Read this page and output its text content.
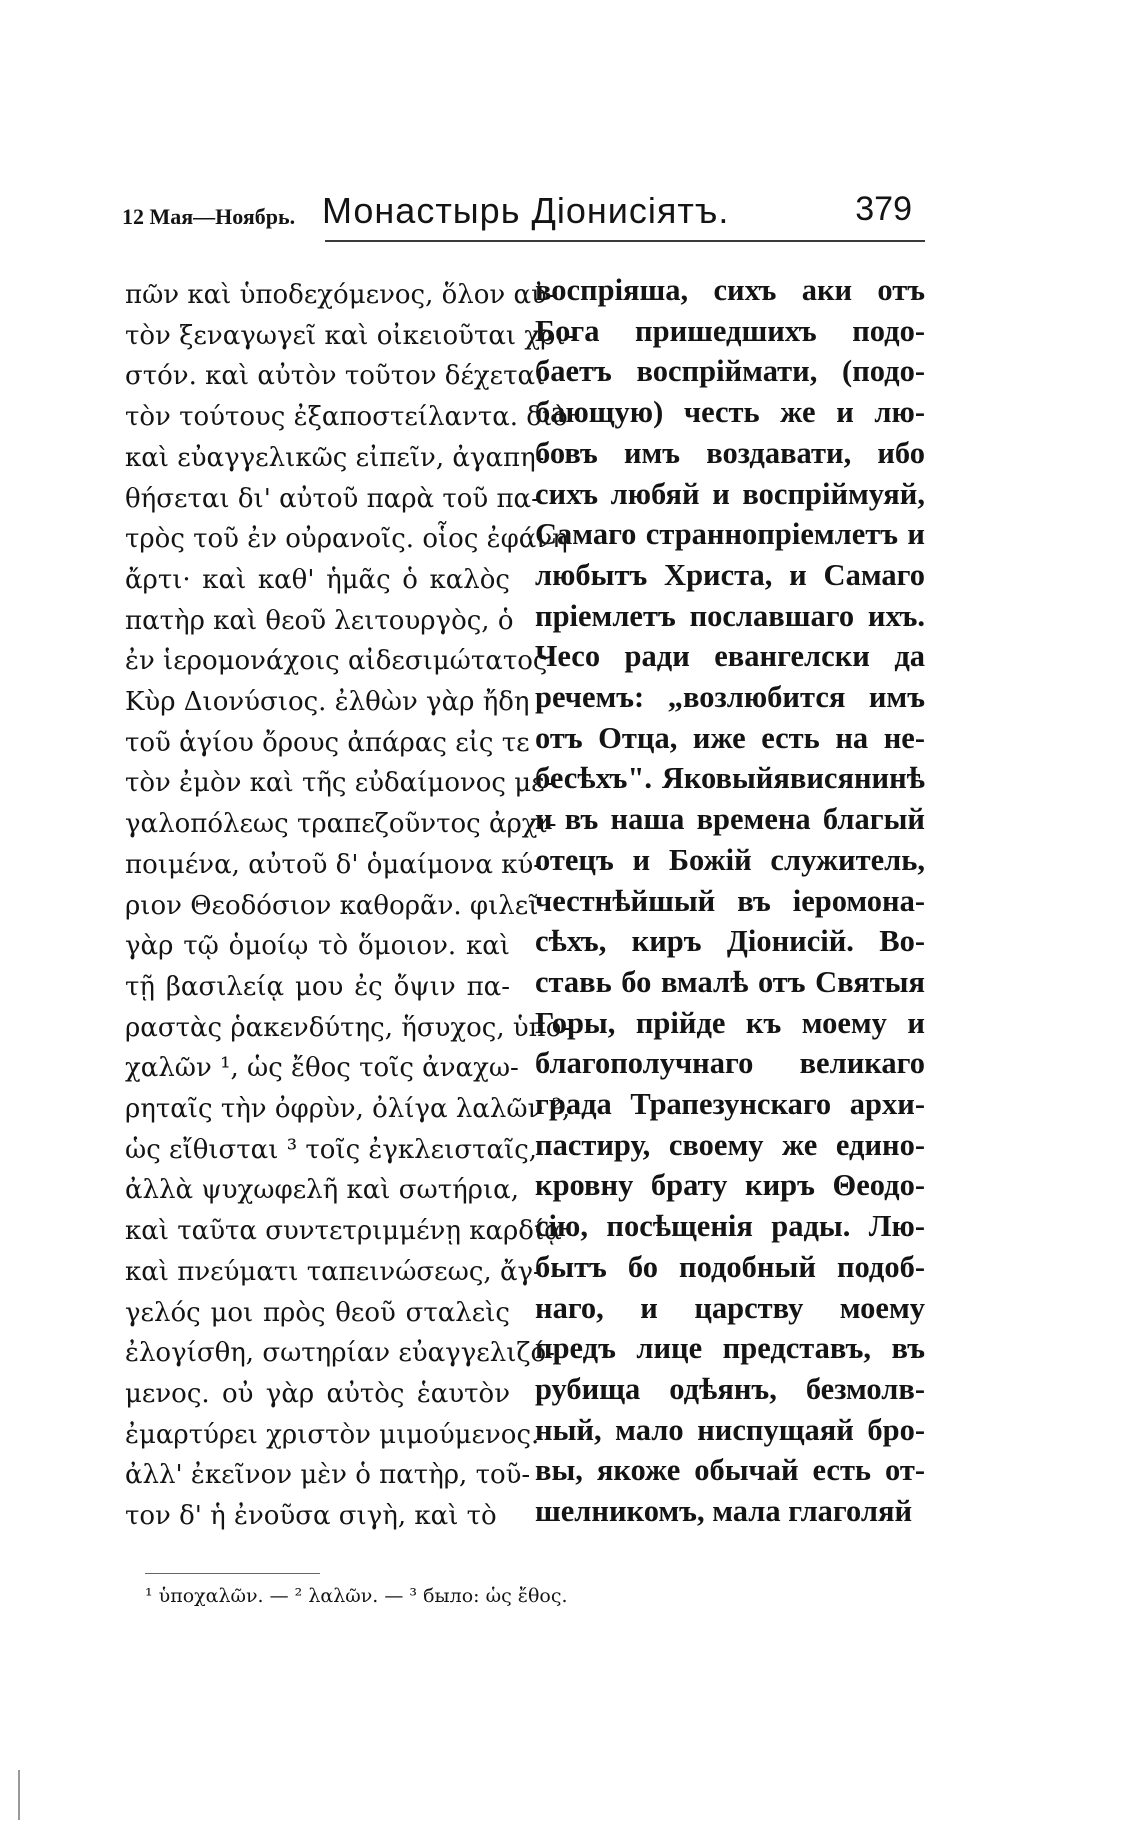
12 Мая—Ноябрь. Монастырь Діонисіятъ.	379
πῶν καὶ ὑποδεχόμενος, ὅλον αὐ-
τὸν ξεναγωγεῖ καὶ οἰκειοῦται χρι-
στόν. καὶ αὐτὸν τοῦτον δέχεται
τὸν τούτους ἐξαποστείλαντα. διὸ
καὶ εὐαγγελικῶς εἰπεῖν, ἀγαπη-
θήσεται δι' αὐτοῦ παρὰ τοῦ πα-
τρὸς τοῦ ἐν οὐρανοῖς. οἷος ἐφάνη
ἄρτι· καὶ καθ' ἡμᾶς ὁ καλὸς
πατὴρ καὶ θεοῦ λειτουργὸς, ὁ
ἐν ἱερομονάχοις αἰδεσιμώτατος
Κὺρ Διονύσιος. ἐλθὼν γὰρ ἤδη
τοῦ ἁγίου ὄρους ἀπάρας εἰς τε
τὸν ἐμὸν καὶ τῆς εὐδαίμονος με-
γαλοπόλεως τραπεζοῦντος ἀρχι-
ποιμένα, αὐτοῦ δ' ὁμαίμονα κύ-
ριον Θεοδόσιον καθορᾶν. φιλεῖ
γὰρ τῷ ὁμοίῳ τὸ ὅμοιον. καὶ
τῇ βασιλείᾳ μου ἐς ὄψιν πα-
ραστὰς ῥακενδύτης, ἥσυχος, ὑπο-
χαλῶν ¹, ὡς ἔθος τοῖς ἀναχω-
ρηταῖς τὴν ὀφρὺν, ὀλίγα λαλῶν ²,
ὡς εἴθισται ³ τοῖς ἐγκλεισταῖς,
ἀλλὰ ψυχωφελῆ καὶ σωτήρια,
καὶ ταῦτα συντετριμμένῃ καρδίᾳ
καὶ πνεύματι ταπεινώσεως, ἄγ-
γελός μοι πρὸς θεοῦ σταλεὶς
ἐλογίσθη, σωτηρίαν εὐαγγελιζό-
μενος. οὐ γὰρ αὐτὸς ἑαυτὸν
ἐμαρτύρει χριστὸν μιμούμενος.
ἀλλ' ἐκεῖνον μὲν ὁ πατὴρ, τοῦ-
τον δ' ἡ ἐνοῦσα σιγὴ, καὶ τὸ
воспріяша, сихъ аки отъ
Бога пришедшихъ подо-
баетъ воспріймати, (подо-
бающую) честь же и лю-
бовъ имъ воздавати, ибо
сихъ любяй и воспріймуяй,
Самаго страннопріемлетъ и
любытъ Христа, и Самаго
пріемлетъ пославшаго ихъ.
Чесо ради евангелски да
речемъ: „возлюбится имъ
отъ Отца, иже есть на не-
бесѣхъ". Яковыйявисянинѣ
и въ наша времена благый
отецъ и Божій служитель,
честнѣйшый въ іеромона-
сѣхъ, киръ Діонисій. Во-
ставь бо вмалѣ отъ Святыя
Горы, прійде къ моему и
благополучнаго великаго
града Трапезунскаго архи-
пастиру, своему же едино-
кровну брату киръ Θеодо-
сію, посѣщенія рады. Лю-
бытъ бо подобный подоб-
наго, и царству моему
предъ лице представъ, въ
рубища одѣянъ, безмолв-
ный, мало ниспущаяй бро-
вы, якоже обычай есть от-
шелникомъ, мала глаголяй
¹ ὑποχαλῶν. — ² λαλῶν. — ³ было: ὡς ἔθος.
